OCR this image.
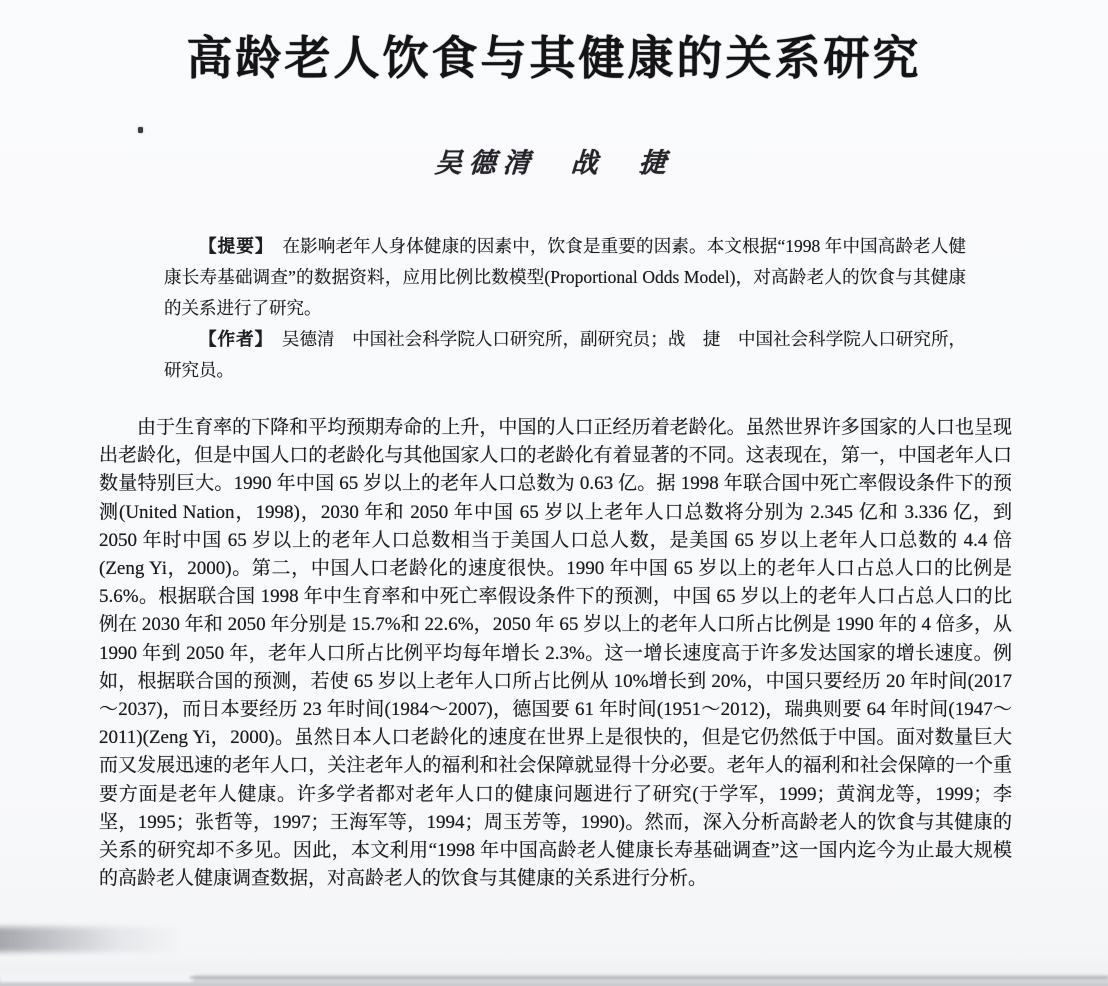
高龄老人饮食与其健康的关系研究
吴德清　战　捷

【提要】 在影响老年人身体健康的因素中，饮食是重要的因素。本文根据“1998 年中国高龄老人健康长寿基础调查”的数据资料，应用比例比数模型(Proportional Odds Model)，对高龄老人的饮食与其健康的关系进行了研究。

【作者】 吴德清　中国社会科学院人口研究所，副研究员；战　捷　中国社会科学院人口研究所，研究员。

由于生育率的下降和平均预期寿命的上升，中国的人口正经历着老龄化。虽然世界许多国家的人口也呈现出老龄化，但是中国人口的老龄化与其他国家人口的老龄化有着显著的不同。这表现在，第一，中国老年人口数量特别巨大。1990 年中国 65 岁以上的老年人口总数为 0.63 亿。据 1998 年联合国中死亡率假设条件下的预测(United Nation，1998)，2030 年和 2050 年中国 65 岁以上老年人口总数将分别为 2.345 亿和 3.336 亿，到 2050 年时中国 65 岁以上的老年人口总数相当于美国人口总人数，是美国 65 岁以上老年人口总数的 4.4 倍(Zeng Yi，2000)。第二，中国人口老龄化的速度很快。1990 年中国 65 岁以上的老年人口占总人口的比例是 5.6%。根据联合国 1998 年中生育率和中死亡率假设条件下的预测，中国 65 岁以上的老年人口占总人口的比例在 2030 年和 2050 年分别是 15.7%和 22.6%，2050 年 65 岁以上的老年人口所占比例是 1990 年的 4 倍多，从 1990 年到 2050 年，老年人口所占比例平均每年增长 2.3%。这一增长速度高于许多发达国家的增长速度。例如，根据联合国的预测，若使 65 岁以上老年人口所占比例从 10%增长到 20%，中国只要经历 20 年时间(2017～2037)，而日本要经历 23 年时间(1984～2007)，德国要 61 年时间(1951～2012)，瑞典则要 64 年时间(1947～2011)(Zeng Yi，2000)。虽然日本人口老龄化的速度在世界上是很快的，但是它仍然低于中国。面对数量巨大而又发展迅速的老年人口，关注老年人的福利和社会保障就显得十分必要。老年人的福利和社会保障的一个重要方面是老年人健康。许多学者都对老年人口的健康问题进行了研究(于学军，1999；黄润龙等，1999；李坚，1995；张哲等，1997；王海军等，1994；周玉芳等，1990)。然而，深入分析高龄老人的饮食与其健康的关系的研究却不多见。因此，本文利用“1998 年中国高龄老人健康长寿基础调查”这一国内迄今为止最大规模的高龄老人健康调查数据，对高龄老人的饮食与其健康的关系进行分析。
